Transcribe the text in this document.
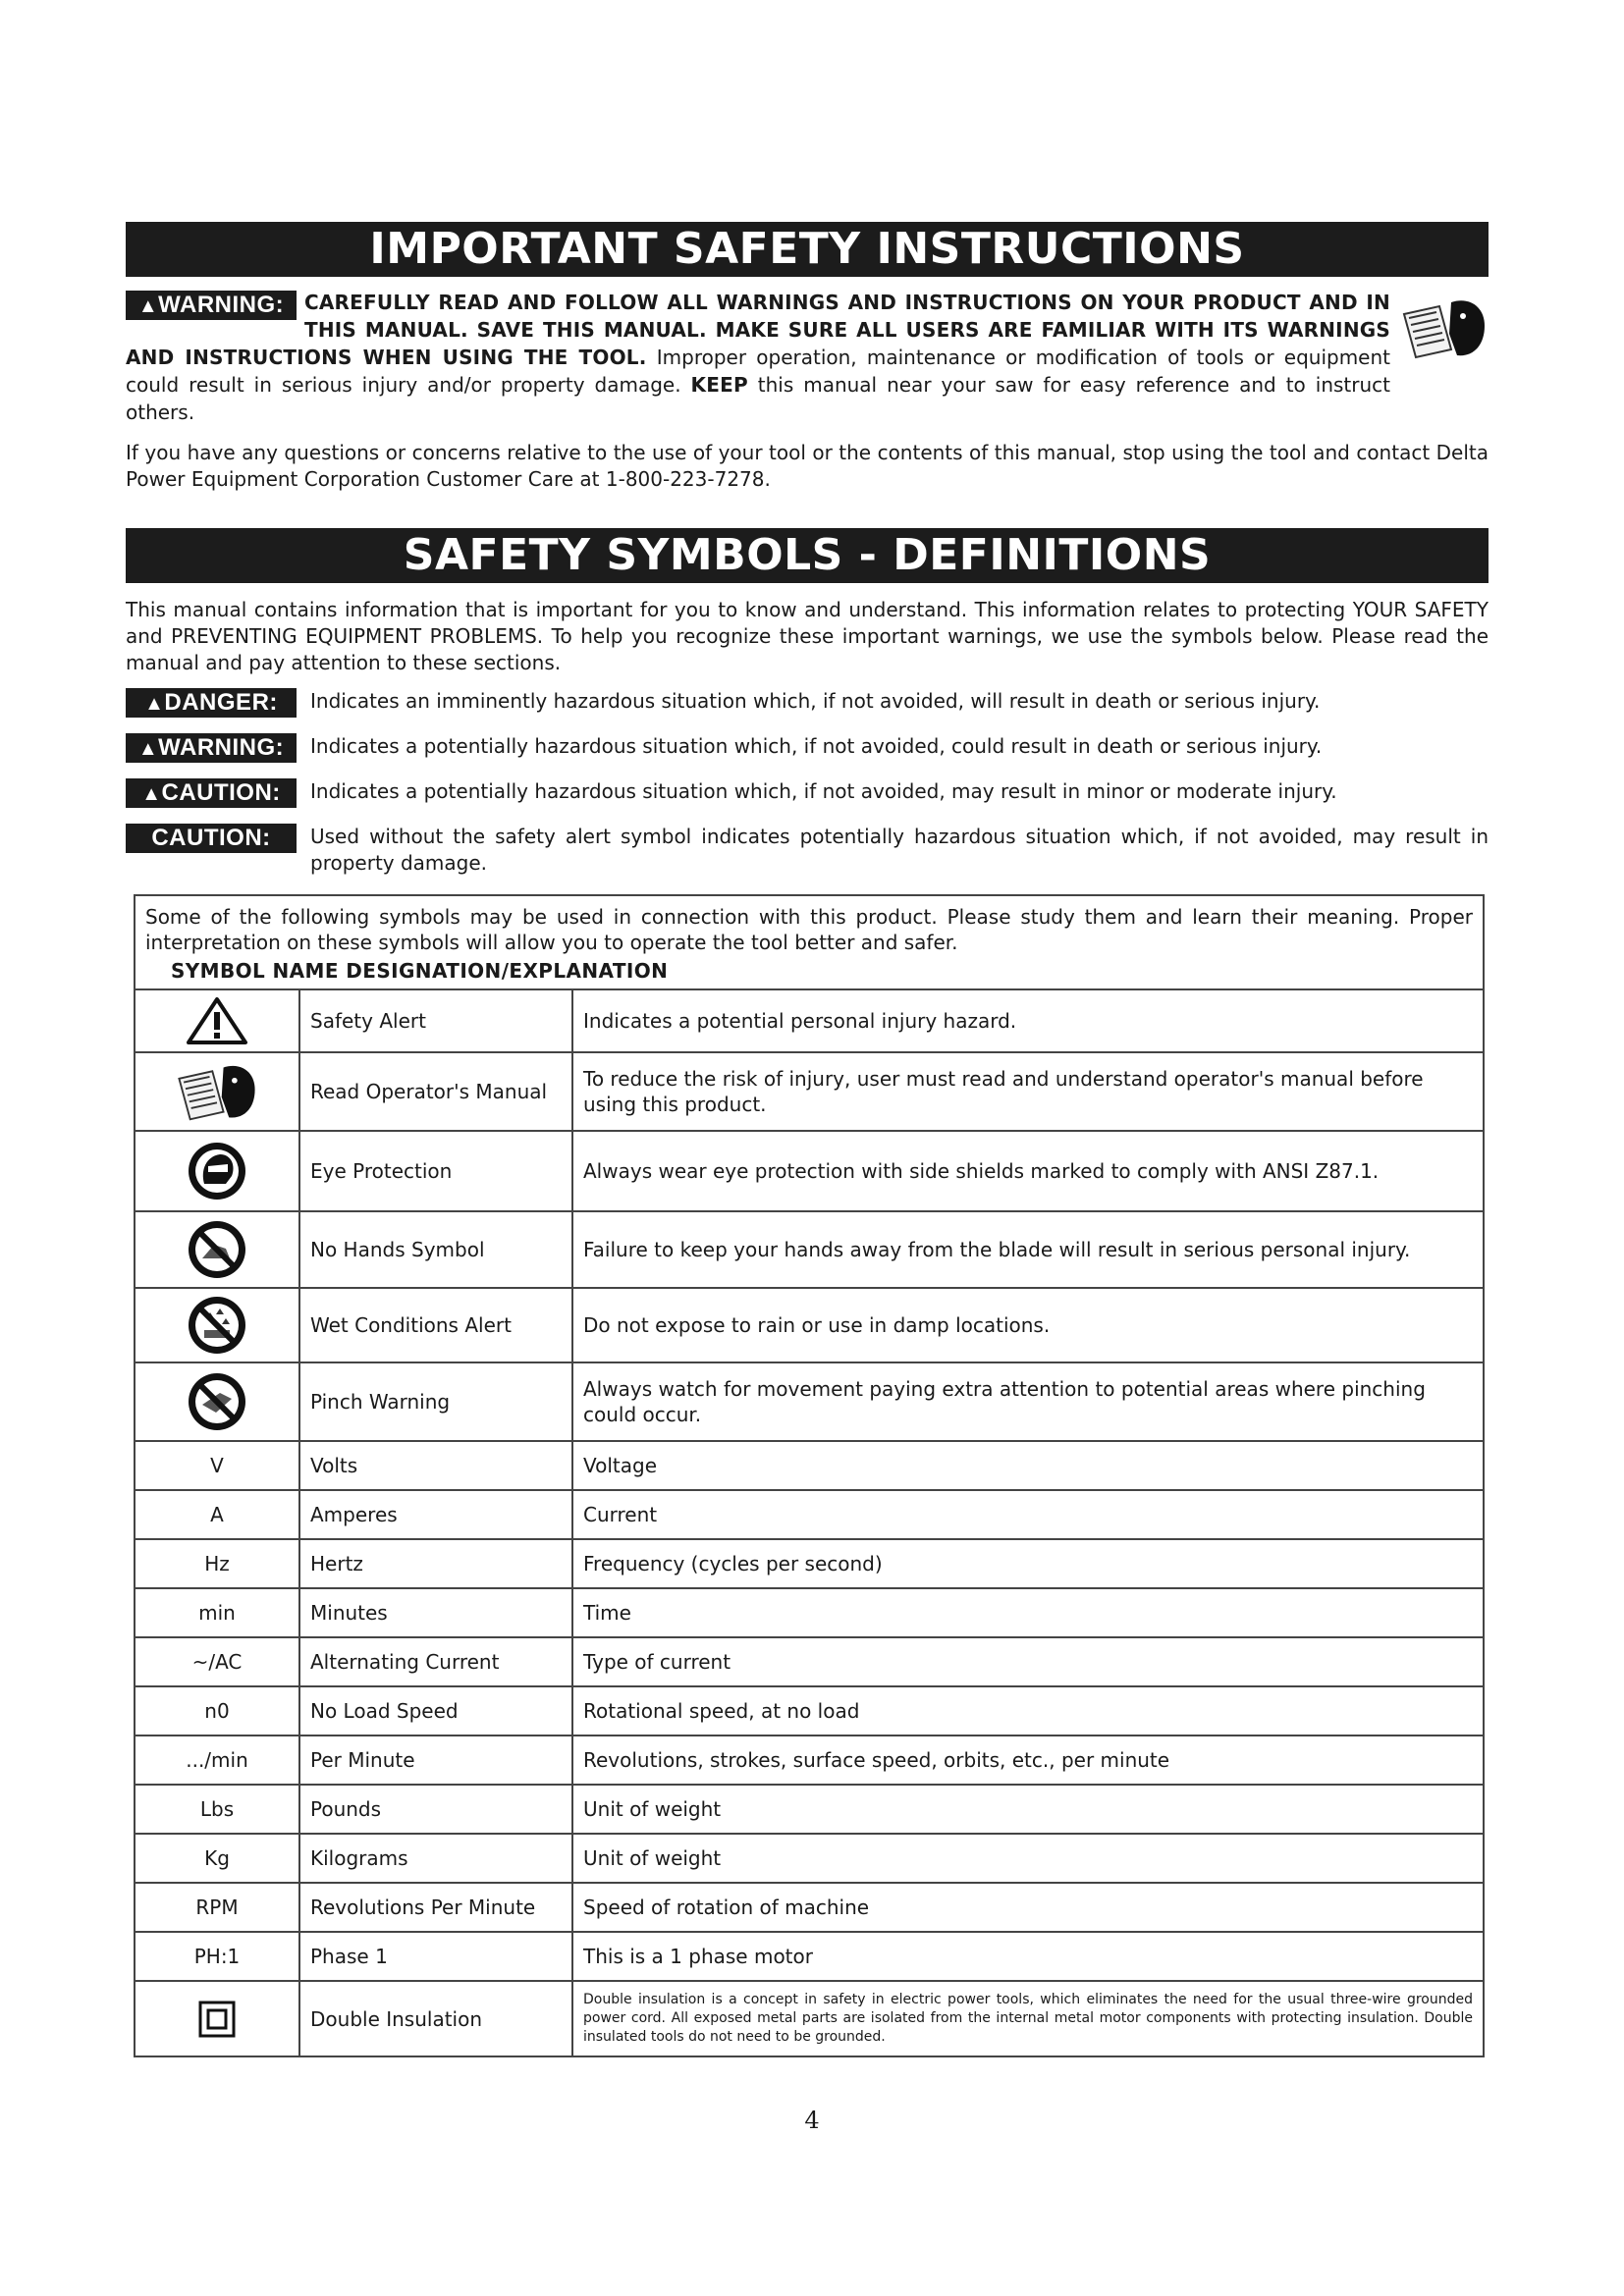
IMPORTANT SAFETY INSTRUCTIONS
▲WARNING:	CAREFULLY READ AND FOLLOW ALL WARNINGS AND INSTRUCTIONS ON YOUR PRODUCT AND IN THIS MANUAL. SAVE THIS MANUAL. MAKE SURE ALL USERS ARE FAMILIAR WITH ITS WARNINGS AND INSTRUCTIONS WHEN USING THE TOOL. Improper operation, maintenance or modification of tools or equipment could result in serious injury and/or property damage. KEEP this manual near your saw for easy reference and to instruct others.
If you have any questions or concerns relative to the use of your tool or the contents of this manual, stop using the tool and contact Delta Power Equipment Corporation Customer Care at 1-800-223-7278.
SAFETY SYMBOLS - DEFINITIONS
This manual contains information that is important for you to know and understand. This information relates to protecting YOUR SAFETY and PREVENTING EQUIPMENT PROBLEMS. To help you recognize these important warnings, we use the symbols below. Please read the manual and pay attention to these sections.
▲DANGER:	Indicates an imminently hazardous situation which, if not avoided, will result in death or serious injury.
▲WARNING:	Indicates a potentially hazardous situation which, if not avoided, could result in death or serious injury.
▲CAUTION:	Indicates a potentially hazardous situation which, if not avoided, may result in minor or moderate injury.
CAUTION:	Used without the safety alert symbol indicates potentially hazardous situation which, if not avoided, may result in property damage.
Some of the following symbols may be used in connection with this product. Please study them and learn their meaning. Proper interpretation on these symbols will allow you to operate the tool better and safer.
SYMBOL NAME DESIGNATION/EXPLANATION
	Safety Alert	Indicates a potential personal injury hazard.

	Read Operator's Manual	To reduce the risk of injury, user must read and understand operator's manual before using this product.

	Eye Protection	Always wear eye protection with side shields marked to comply with ANSI Z87.1.

	No Hands Symbol	Failure to keep your hands away from the blade will result in serious personal injury.

	Wet Conditions Alert	Do not expose to rain or use in damp locations.

	Pinch Warning	Always watch for movement paying extra attention to potential areas where pinching could occur.
V	Volts	Voltage
A	Amperes	Current
Hz	Hertz	Frequency (cycles per second)
min	Minutes	Time
~/AC	Alternating Current	Type of current
n0	No Load Speed	Rotational speed, at no load
.../min	Per Minute	Revolutions, strokes, surface speed, orbits, etc., per minute
Lbs	Pounds	Unit of weight
Kg	Kilograms	Unit of weight
RPM	Revolutions Per Minute	Speed of rotation of machine
PH:1	Phase 1	This is a 1 phase motor

	Double Insulation	Double insulation is a concept in safety in electric power tools, which eliminates the need for the usual three-wire grounded power cord. All exposed metal parts are isolated from the internal metal motor components with protecting insulation. Double insulated tools do not need to be grounded.
4
